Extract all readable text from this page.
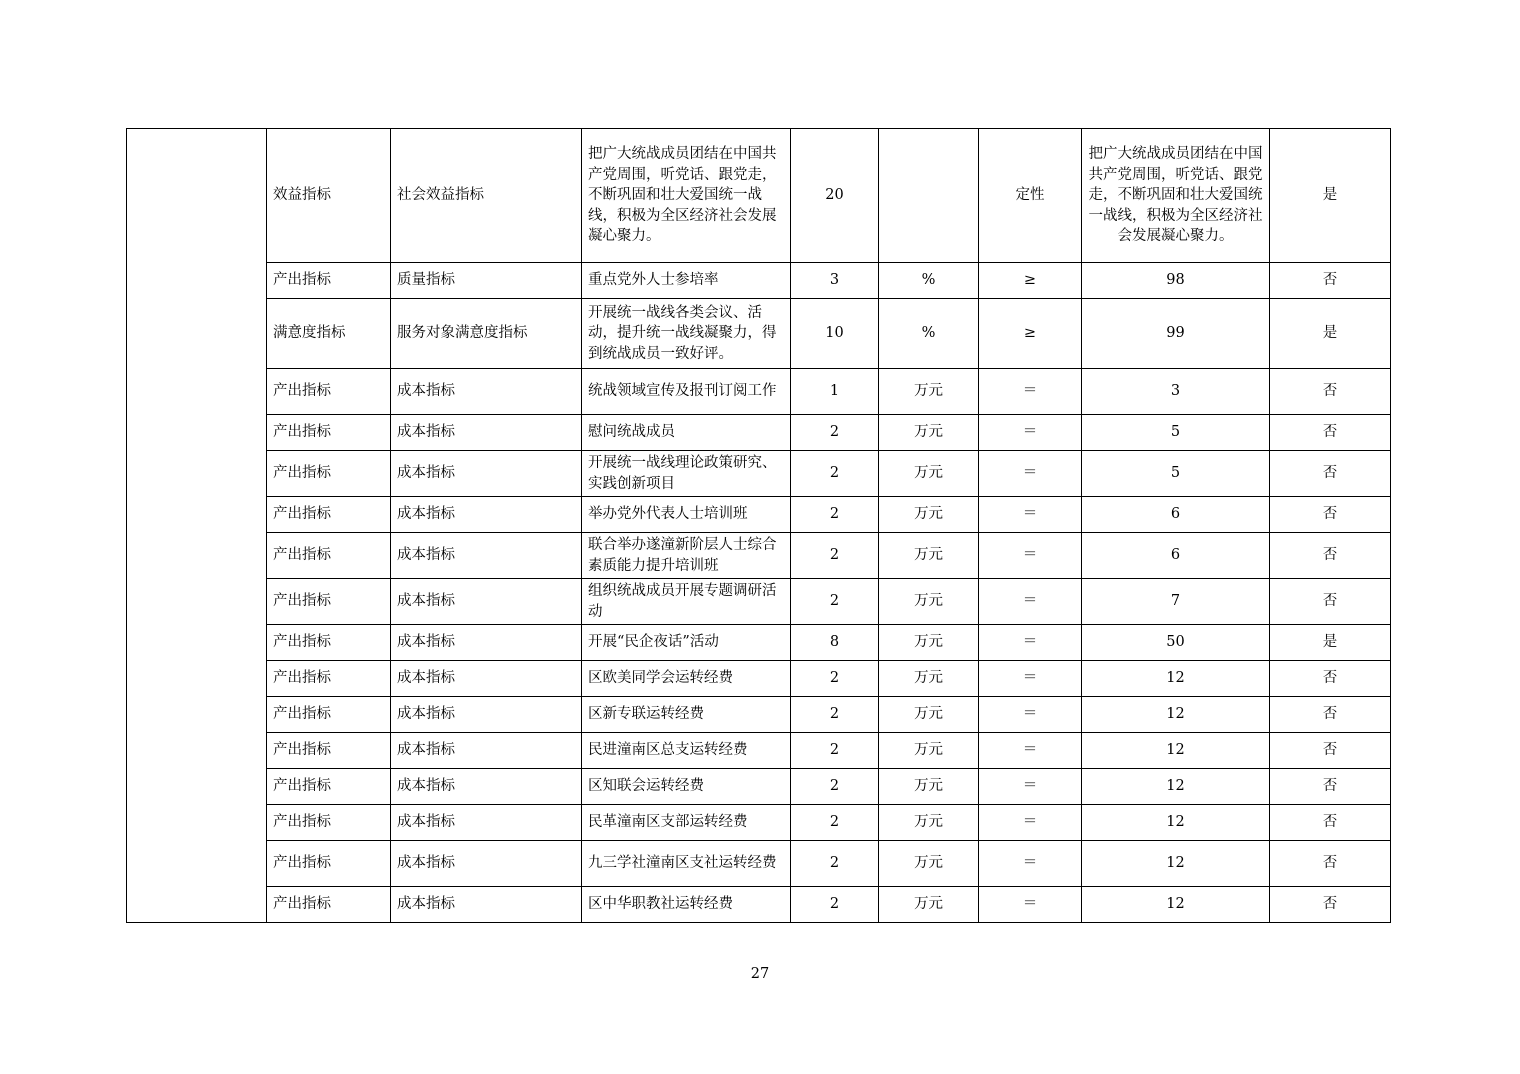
	效益指标	社会效益指标	把广大统战成员团结在中国共产党周围，听党话、跟党走，不断巩固和壮大爱国统一战线，积极为全区经济社会发展凝心聚力。	20		定性	把广大统战成员团结在中国共产党周围，听党话、跟党走，不断巩固和壮大爱国统一战线，积极为全区经济社会发展凝心聚力。	是
	产出指标	质量指标	重点党外人士参培率	3	%	≥	98	否
	满意度指标	服务对象满意度指标	开展统一战线各类会议、活动，提升统一战线凝聚力，得到统战成员一致好评。	10	%	≥	99	是
	产出指标	成本指标	统战领域宣传及报刊订阅工作	1	万元	＝	3	否
	产出指标	成本指标	慰问统战成员	2	万元	＝	5	否
	产出指标	成本指标	开展统一战线理论政策研究、实践创新项目	2	万元	＝	5	否
	产出指标	成本指标	举办党外代表人士培训班	2	万元	＝	6	否
	产出指标	成本指标	联合举办遂潼新阶层人士综合素质能力提升培训班	2	万元	＝	6	否
	产出指标	成本指标	组织统战成员开展专题调研活动	2	万元	＝	7	否
	产出指标	成本指标	开展“民企夜话”活动	8	万元	＝	50	是
	产出指标	成本指标	区欧美同学会运转经费	2	万元	＝	12	否
	产出指标	成本指标	区新专联运转经费	2	万元	＝	12	否
	产出指标	成本指标	民进潼南区总支运转经费	2	万元	＝	12	否
	产出指标	成本指标	区知联会运转经费	2	万元	＝	12	否
	产出指标	成本指标	民革潼南区支部运转经费	2	万元	＝	12	否
	产出指标	成本指标	九三学社潼南区支社运转经费	2	万元	＝	12	否
	产出指标	成本指标	区中华职教社运转经费	2	万元	＝	12	否
27
